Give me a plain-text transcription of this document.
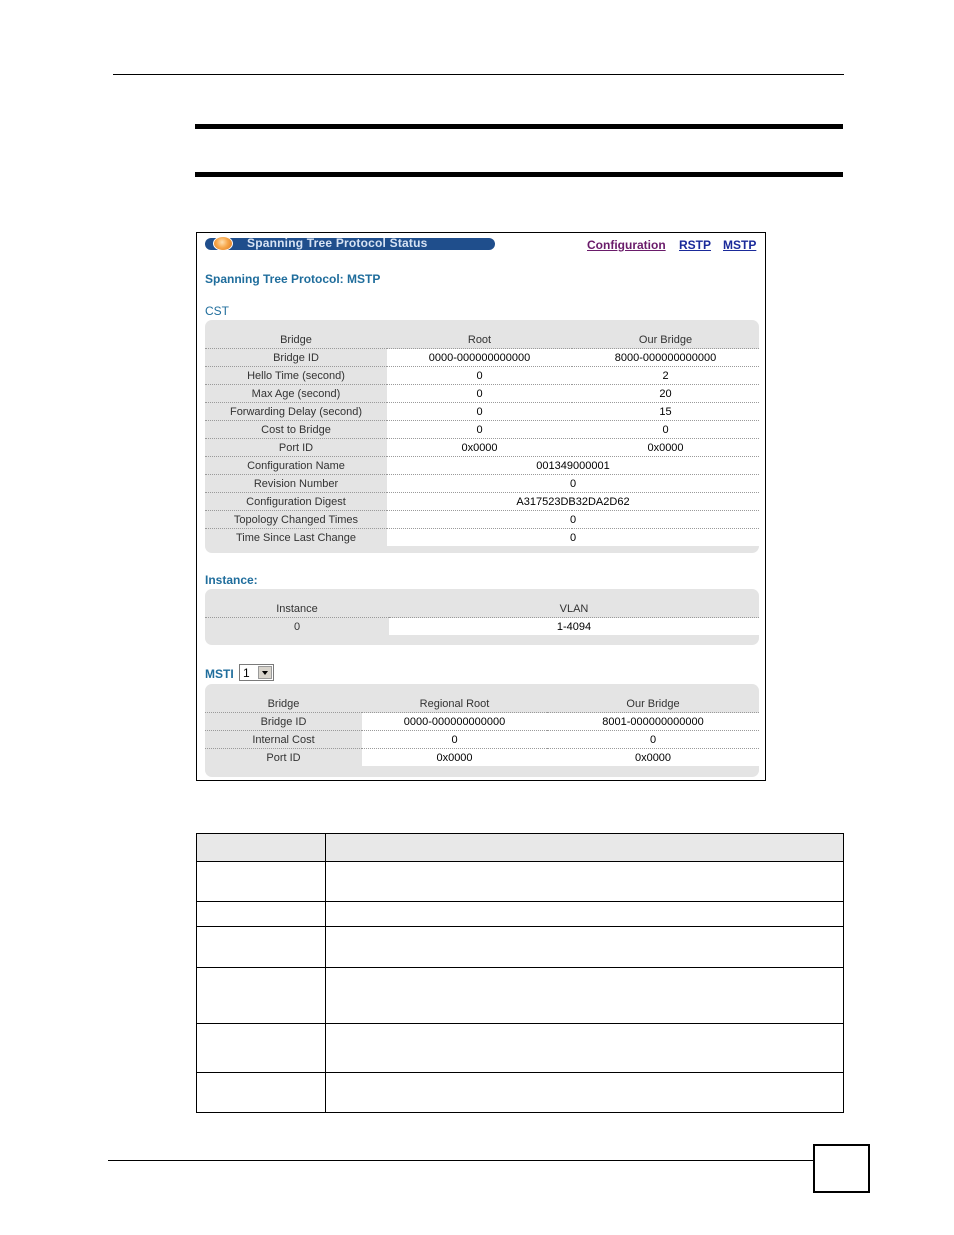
Spanning Tree Protocol Status	Configuration RSTP MSTP
Spanning Tree Protocol: MSTP
CST
Bridge	Root	Our Bridge
Bridge ID	0000-000000000000	8000-000000000000
Hello Time (second)	0	2
Max Age (second)	0	20
Forwarding Delay (second)	0	15
Cost to Bridge	0	0
Port ID	0x0000	0x0000
Configuration Name	001349000001	
Revision Number	0	
Configuration Digest	A317523DB32DA2D62	
Topology Changed Times	0	
Time Since Last Change	0	
Instance:
Instance	VLAN
0	1-4094
MSTI 1
Bridge	Regional Root	Our Bridge
Bridge ID	0000-000000000000	8001-000000000000
Internal Cost	0	0
Port ID	0x0000	0x0000
